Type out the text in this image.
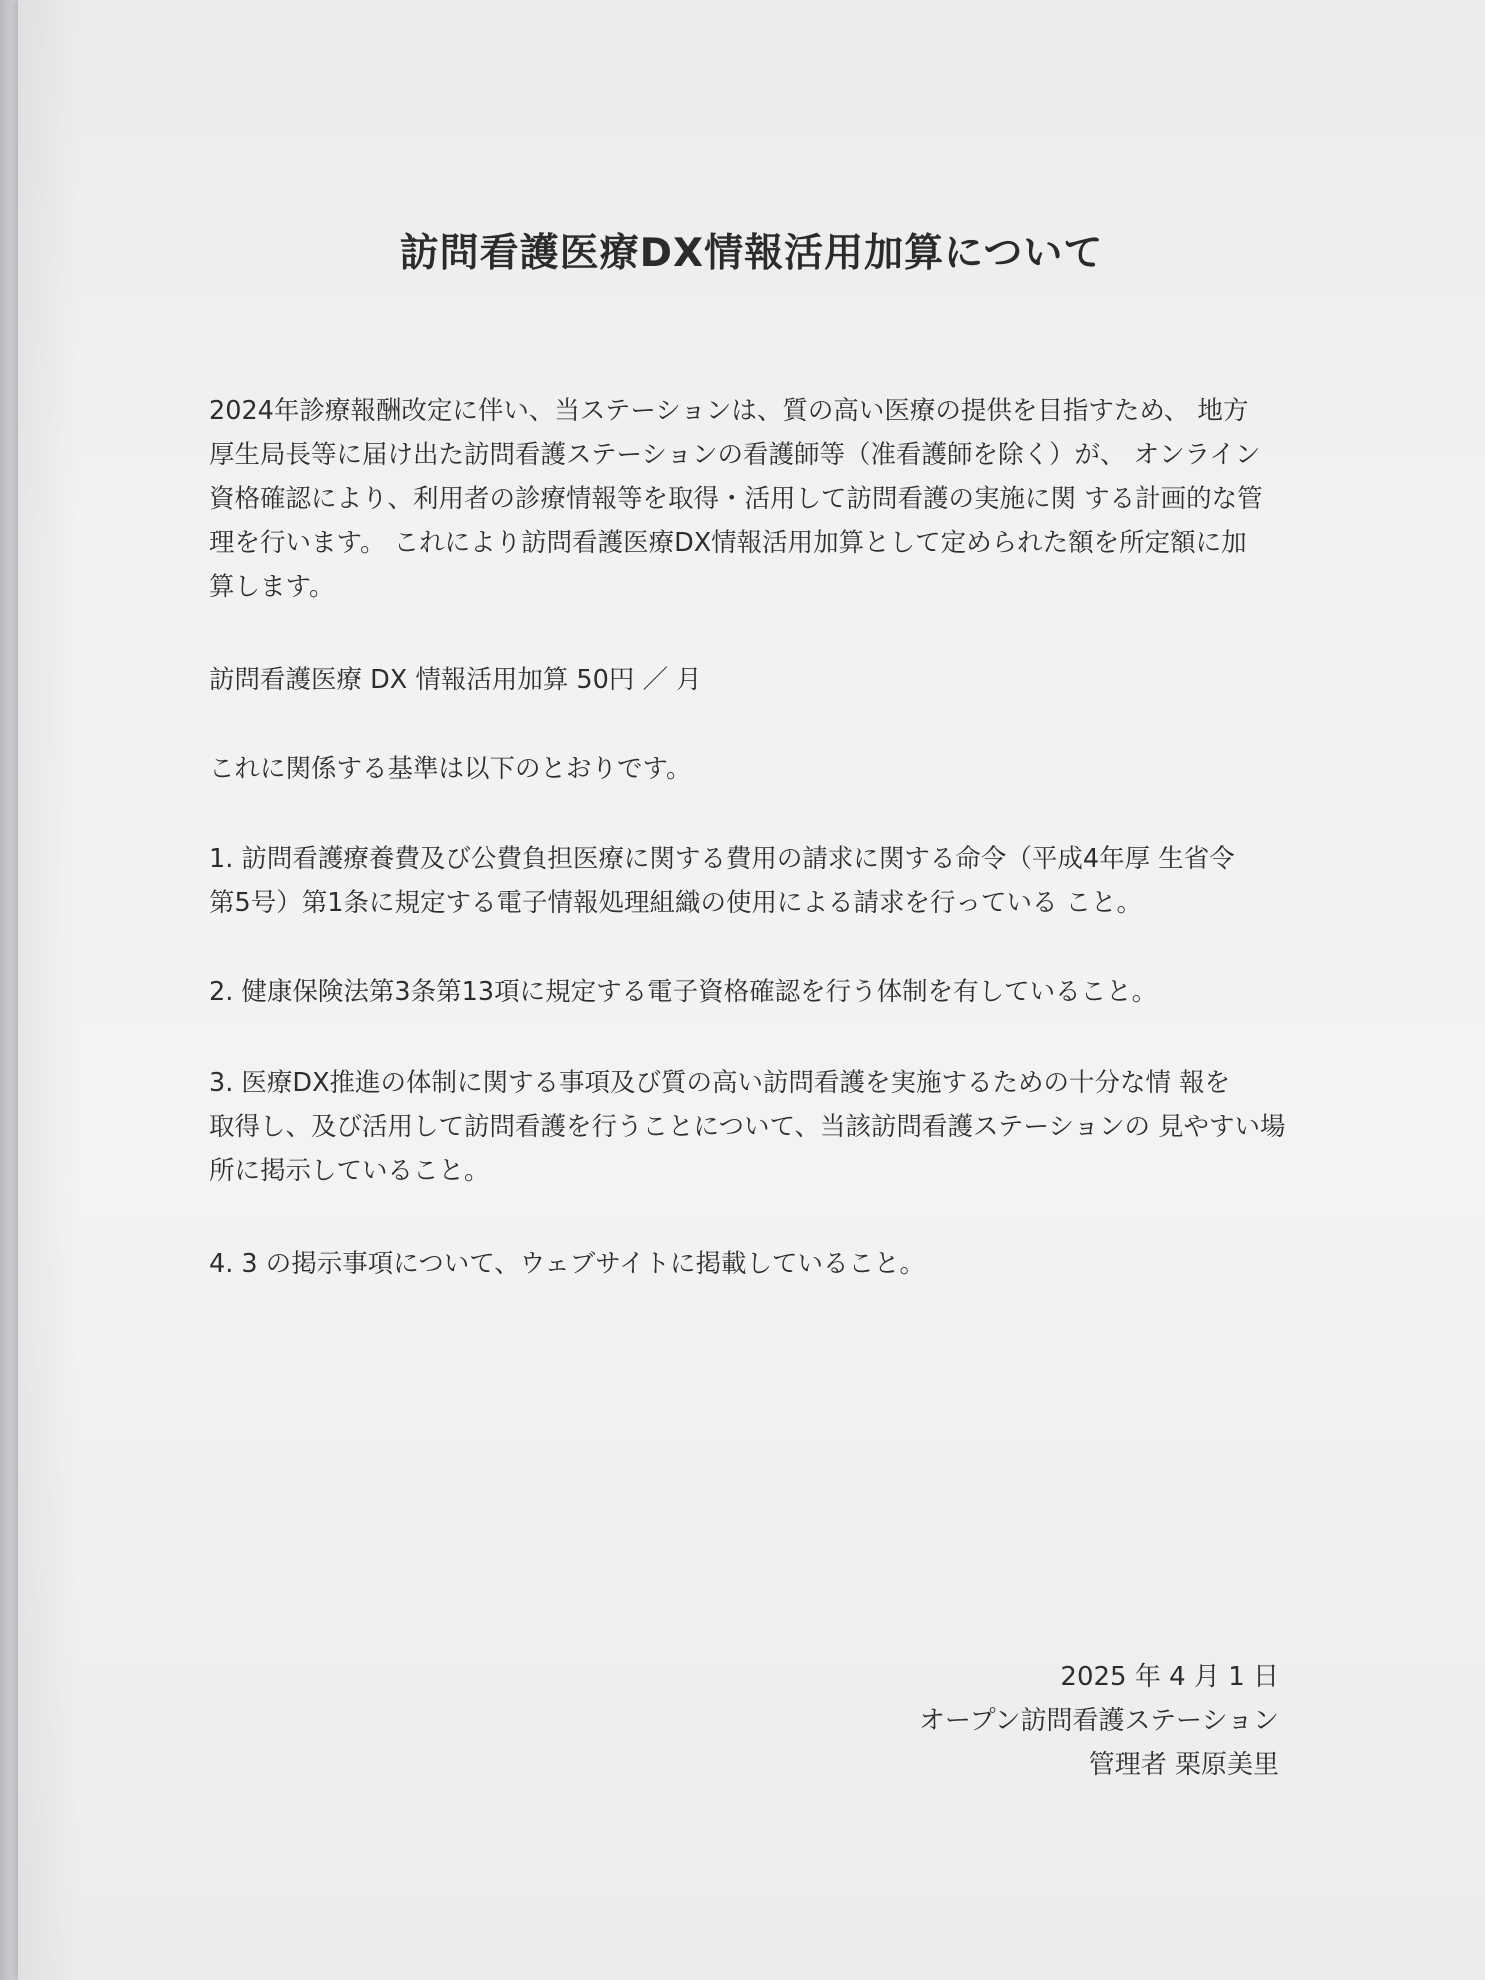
訪問看護医療DX情報活用加算について
2024年診療報酬改定に伴い、当ステーションは、質の高い医療の提供を目指すため、 地方
厚生局長等に届け出た訪問看護ステーションの看護師等（准看護師を除く）が、 オンライン
資格確認により、利用者の診療情報等を取得・活用して訪問看護の実施に関 する計画的な管
理を行います。 これにより訪問看護医療DX情報活用加算として定められた額を所定額に加
算します。
訪問看護医療 DX 情報活用加算 50円 ／ 月
これに関係する基準は以下のとおりです。
1. 訪問看護療養費及び公費負担医療に関する費用の請求に関する命令（平成4年厚 生省令
第5号）第1条に規定する電子情報処理組織の使用による請求を行っている こと。
2. 健康保険法第3条第13項に規定する電子資格確認を行う体制を有していること。
3. 医療DX推進の体制に関する事項及び質の高い訪問看護を実施するための十分な情 報を
取得し、及び活用して訪問看護を行うことについて、当該訪問看護ステーションの 見やすい場
所に掲示していること。
4. 3 の掲示事項について、ウェブサイトに掲載していること。

2025 年 4 月 1 日

オープン訪問看護ステーション

管理者 栗原美里
